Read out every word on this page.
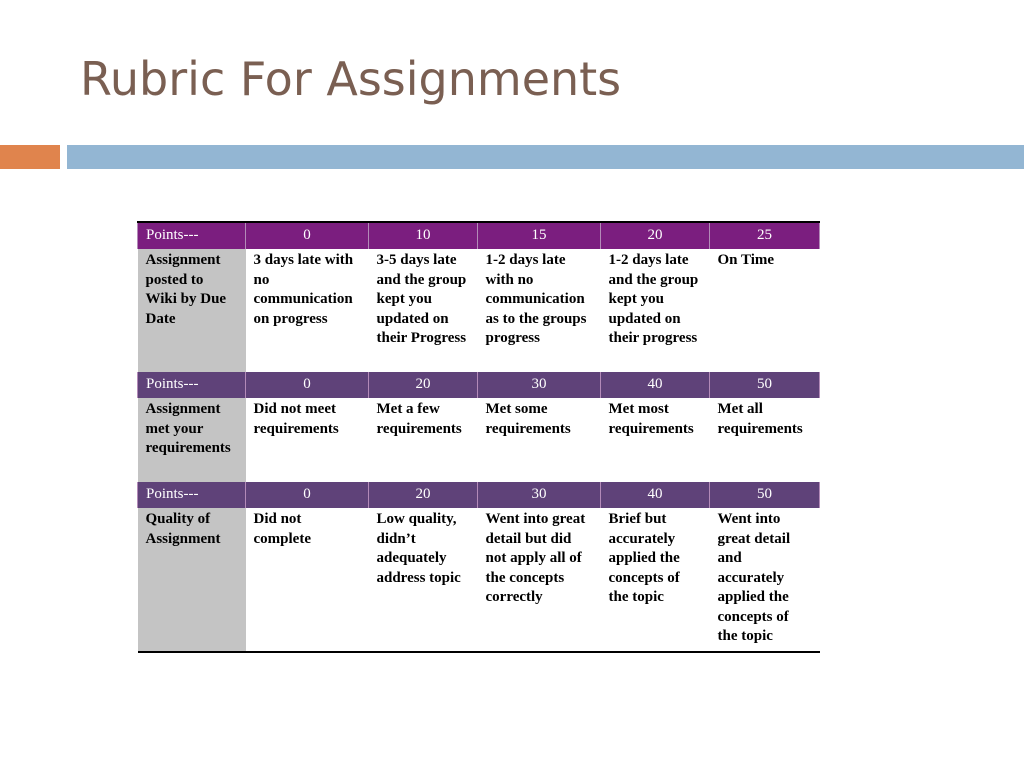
Rubric For Assignments
Points---	0	10	15	20	25
Assignment posted to Wiki by Due Date	3 days late with no communication on progress	3-5 days late and the group kept you updated on their Progress	1-2 days late with no communication as to the groups progress	1-2 days late and the group kept you updated on their progress	On Time
Points---	0	20	30	40	50
Assignment met your requirements	Did not meet requirements	Met a few requirements	Met some requirements	Met most requirements	Met all requirements
Points---	0	20	30	40	50
Quality of Assignment	Did not complete	Low quality, didn’t adequately address topic	Went into great detail but did not apply all of the concepts correctly	Brief but accurately applied the concepts of the topic	Went into great detail and accurately applied the concepts of the topic
